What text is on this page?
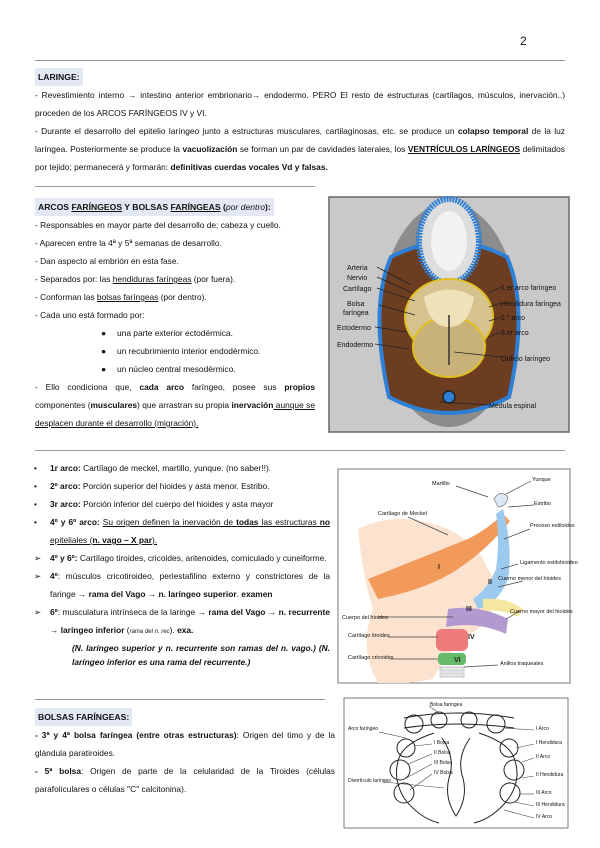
2
LARINGE:
- Revestimiento interno → intestino anterior embrionario→ endodermo. PERO El resto de estructuras (cartílagos, músculos, inervación..) proceden de los ARCOS FARÍNGEOS IV y VI.
- Durante el desarrollo del epitelio laríngeo junto a estructuras musculares, cartilaginosas, etc. se produce un colapso temporal de la luz laríngea. Posteriormente se produce la vacuolización se forman un par de cavidades laterales, los VENTRÍCULOS LARÍNGEOS delimitados por tejido; permanecerá y formarán: definitivas cuerdas vocales Vd y falsas.
ARCOS FARÍNGEOS Y BOLSAS FARÍNGEAS (por dentro):
- Responsables en mayor parte del desarrollo de: cabeza y cuello.
- Aparecen entre la 4ª y 5ª semanas de desarrollo.
- Dan aspecto al embrión en esta fase.
- Separados por: las hendiduras faríngeas (por fuera).
- Conforman las bolsas faríngeas (por dentro).
- Cada uno está formado por:
● una parte exterior ectodérmica.
● un recubrimiento interior endodérmico.
● un núcleo central mesodérmico.
- Ello condiciona que, cada arco faríngeo, posee sus propios componentes (musculares) que arrastran su propia inervación aunque se desplacen durante el desarrollo (migración).
Arteria
Nervio
Cartílago
Bolsa
faríngea
Ectodermo
Endodermo
1.er arco faríngeo
Hendidura faríngea
2.º arco
3.er arco
Orificio laríngeo
Médula espinal
• 1r arco: Cartílago de meckel, martillo, yunque. (no saber!!).
• 2º arco: Porción superior del hioides y asta menor. Estribo.
• 3r arco: Porción inferior del cuerpo del hioides y asta mayor
• 4º y 6º arco: Su origen definen la inervación de todas las estructuras no epiteliales (n. vago – X par).
➢ 4º y 6º: Cartílago tiroides, cricoides, aritenoides, corniculado y cuneiforme.
➢ 4º: músculos cricotiroideo, periestafilino externo y constrictores de la faringe → rama del Vago → n. laríngeo superior. examen
➢ 6º: musculatura intrínseca de la laringe → rama del Vago → n. recurrente → laríngeo inferior (rama del n. rec). exa.
(N. laríngeo superior y n. recurrente son ramas del n. vago.) (N. laríngeo inferior es una rama del recurrente.)
Martillo
Yunque
Estribo
Cartílago de Meckel
Proceso estiloides
Ligamento estilohioideo
Cuerno menor del hioides
Cuerpo del hioides
Cuerno mayor del hioides
Cartílago tiroides
Cartílago cricoides
Anillos traqueales
I
II
III
IV
VI
BOLSAS FARÍNGEAS:
- 3ª y 4ª bolsa faríngea (entre otras estructuras): Origen del timo y de la glándula paratiroides.
- 5ª bolsa: Origen de parte de la celularidad de la Tiroides (células parafoliculares o células "C" calcitonina).
Bolsa faríngea
Arco faríngeo
I Bolsa
II Bolsa
III Bolsa
IV Bolsa
Divertículo laríngeo
I Arco
I Hendidura
II Arco
II Hendidura
III Arco
III Hendidura
IV Arco
